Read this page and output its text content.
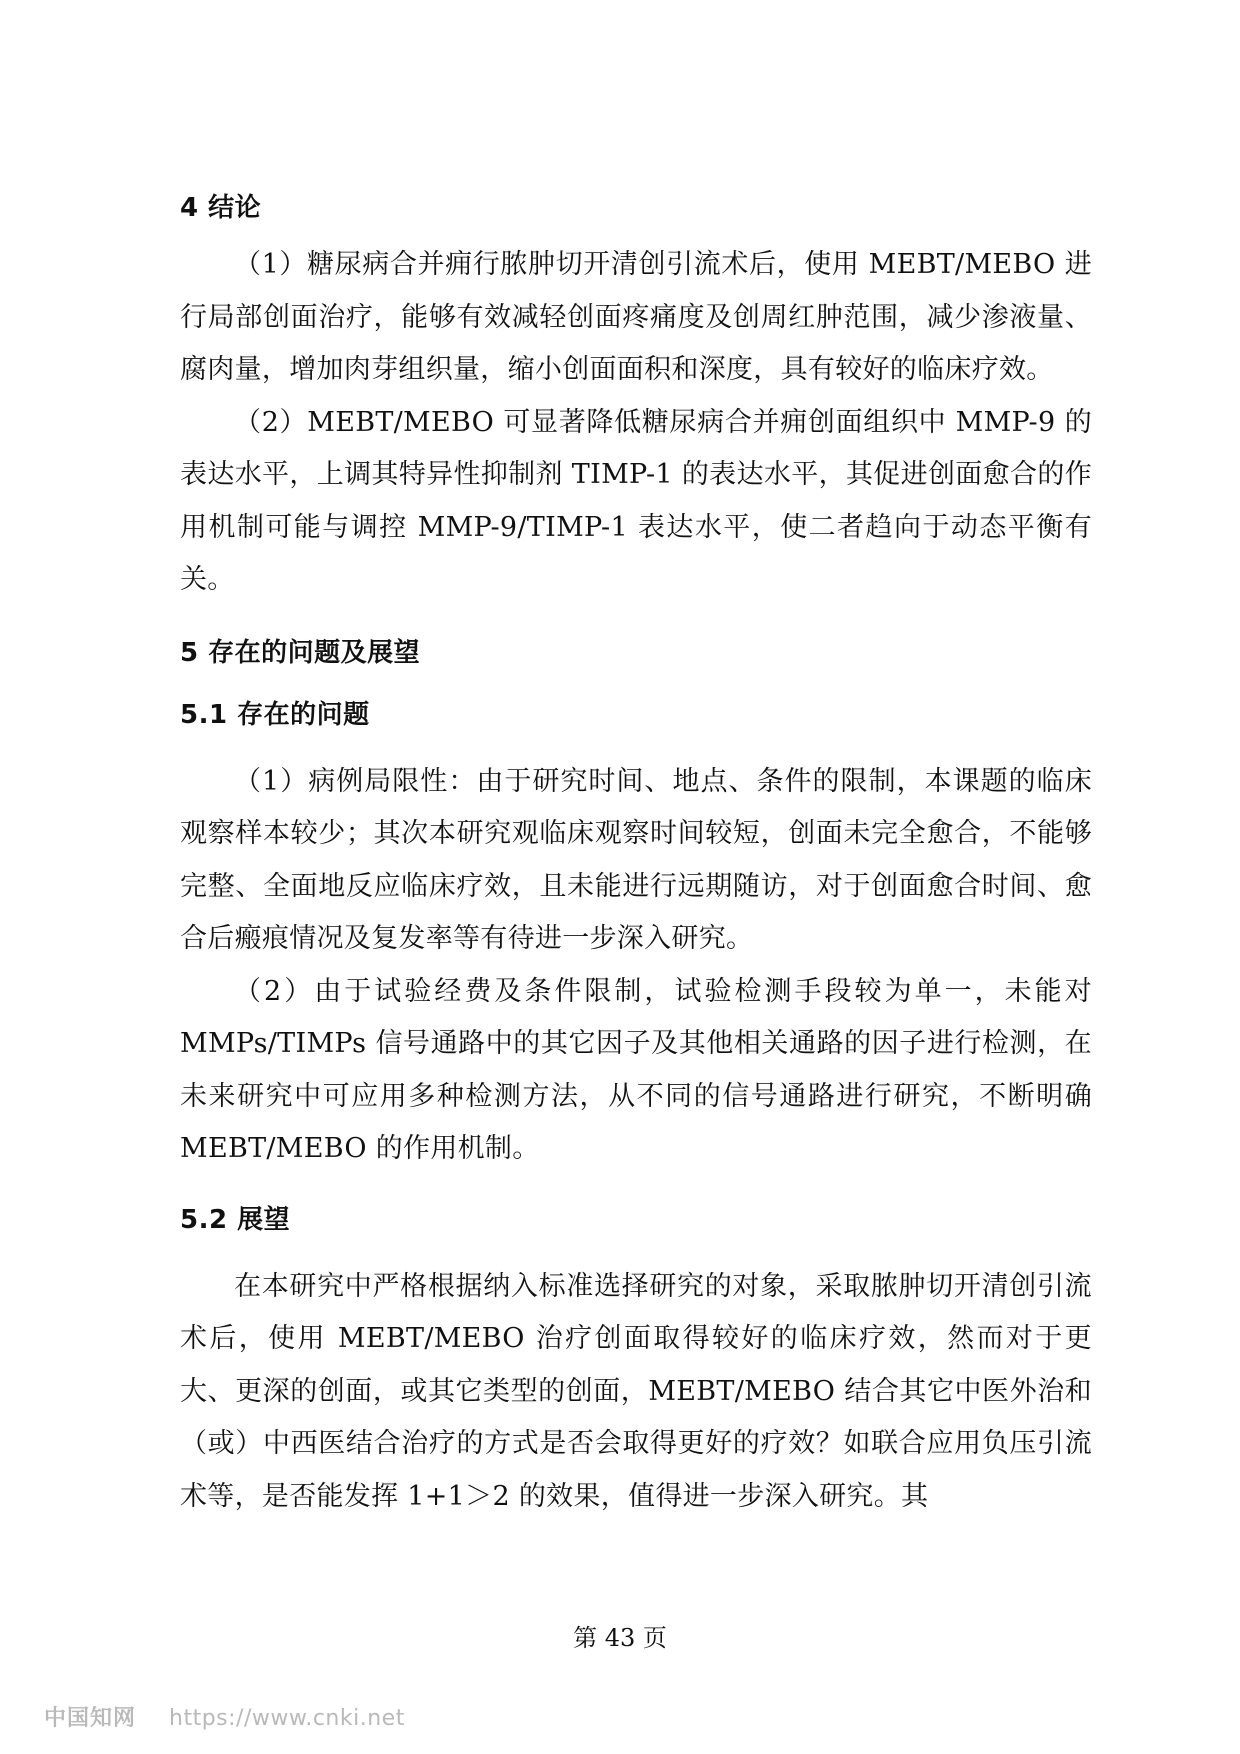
4 结论

（1）糖尿病合并痈行脓肿切开清创引流术后，使用 MEBT/MEBO 进行局部创面治疗，能够有效减轻创面疼痛度及创周红肿范围，减少渗液量、腐肉量，增加肉芽组织量，缩小创面面积和深度，具有较好的临床疗效。

（2）MEBT/MEBO 可显著降低糖尿病合并痈创面组织中 MMP-9 的表达水平，上调其特异性抑制剂 TIMP-1 的表达水平，其促进创面愈合的作用机制可能与调控 MMP-9/TIMP-1 表达水平，使二者趋向于动态平衡有关。

5 存在的问题及展望
5.1 存在的问题

（1）病例局限性：由于研究时间、地点、条件的限制，本课题的临床观察样本较少；其次本研究观临床观察时间较短，创面未完全愈合，不能够完整、全面地反应临床疗效，且未能进行远期随访，对于创面愈合时间、愈合后瘢痕情况及复发率等有待进一步深入研究。

（2）由于试验经费及条件限制，试验检测手段较为单一，未能对 MMPs/TIMPs 信号通路中的其它因子及其他相关通路的因子进行检测，在未来研究中可应用多种检测方法，从不同的信号通路进行研究，不断明确 MEBT/MEBO 的作用机制。

5.2 展望

在本研究中严格根据纳入标准选择研究的对象，采取脓肿切开清创引流术后，使用 MEBT/MEBO 治疗创面取得较好的临床疗效，然而对于更大、更深的创面，或其它类型的创面，MEBT/MEBO 结合其它中医外治和（或）中西医结合治疗的方式是否会取得更好的疗效？如联合应用负压引流术等，是否能发挥 1+1＞2 的效果，值得进一步深入研究。其

第 43 页
中国知网 https://www.cnki.net
